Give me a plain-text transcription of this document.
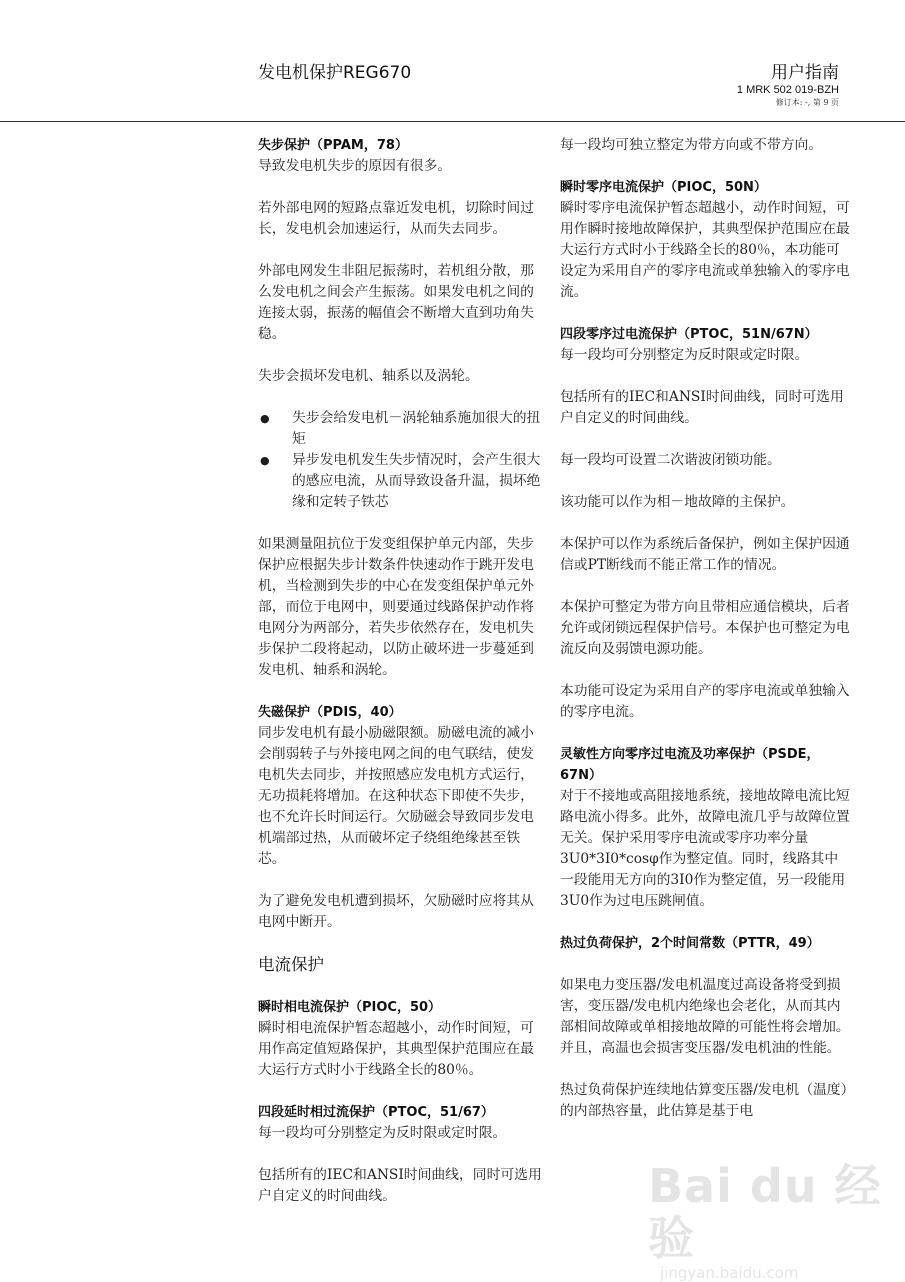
发电机保护REG670	用户指南
1 MRK 502 019-BZH
修订本: -, 第 9 页
失步保护（PPAM，78）

导致发电机失步的原因有很多。

若外部电网的短路点靠近发电机，切除时间过长，发电机会加速运行，从而失去同步。

外部电网发生非阻尼振荡时，若机组分散，那么发电机之间会产生振荡。如果发电机之间的连接太弱，振荡的幅值会不断增大直到功角失稳。

失步会损坏发电机、轴系以及涡轮。

● 失步会给发电机－涡轮轴系施加很大的扭矩
● 异步发电机发生失步情况时，会产生很大的感应电流，从而导致设备升温，损坏绝缘和定转子铁芯

如果测量阻抗位于发变组保护单元内部，失步保护应根据失步计数条件快速动作于跳开发电机，当检测到失步的中心在发变组保护单元外部，而位于电网中，则要通过线路保护动作将电网分为两部分，若失步依然存在，发电机失步保护二段将起动，以防止破坏进一步蔓延到发电机、轴系和涡轮。

失磁保护（PDIS，40）

同步发电机有最小励磁限额。励磁电流的减小会削弱转子与外接电网之间的电气联结，使发电机失去同步，并按照感应发电机方式运行，无功损耗将增加。在这种状态下即使不失步，也不允许长时间运行。欠励磁会导致同步发电机端部过热，从而破坏定子绕组绝缘甚至铁芯。

为了避免发电机遭到损坏，欠励磁时应将其从电网中断开。

电流保护
瞬时相电流保护（PIOC，50）

瞬时相电流保护暂态超越小，动作时间短，可用作高定值短路保护，其典型保护范围应在最大运行方式时小于线路全长的80％。

四段延时相过流保护（PTOC，51/67）

每一段均可分别整定为反时限或定时限。

包括所有的IEC和ANSI时间曲线，同时可选用户自定义的时间曲线。

每一段均可独立整定为带方向或不带方向。

瞬时零序电流保护（PIOC，50N）

瞬时零序电流保护暂态超越小，动作时间短，可用作瞬时接地故障保护，其典型保护范围应在最大运行方式时小于线路全长的80％，本功能可设定为采用自产的零序电流或单独输入的零序电流。

四段零序过电流保护（PTOC，51N/67N）

每一段均可分别整定为反时限或定时限。

包括所有的IEC和ANSI时间曲线，同时可选用户自定义的时间曲线。

每一段均可设置二次谐波闭锁功能。

该功能可以作为相－地故障的主保护。

本保护可以作为系统后备保护，例如主保护因通信或PT断线而不能正常工作的情况。

本保护可整定为带方向且带相应通信模块，后者允许或闭锁远程保护信号。本保护也可整定为电流反向及弱馈电源功能。

本功能可设定为采用自产的零序电流或单独输入的零序电流。

灵敏性方向零序过电流及功率保护（PSDE，67N）

对于不接地或高阻接地系统，接地故障电流比短路电流小得多。此外，故障电流几乎与故障位置无关。保护采用零序电流或零序功率分量3U0*3I0*cosφ作为整定值。同时，线路其中一段能用无方向的3I0作为整定值，另一段能用3U0作为过电压跳闸值。

热过负荷保护，2个时间常数（PTTR，49）

如果电力变压器/发电机温度过高设备将受到损害，变压器/发电机内绝缘也会老化，从而其内部相间故障或单相接地故障的可能性将会增加。并且，高温也会损害变压器/发电机油的性能。

热过负荷保护连续地估算变压器/发电机（温度）的内部热容量，此估算是基于电

Bai du 经验
jingyan.baidu.com
